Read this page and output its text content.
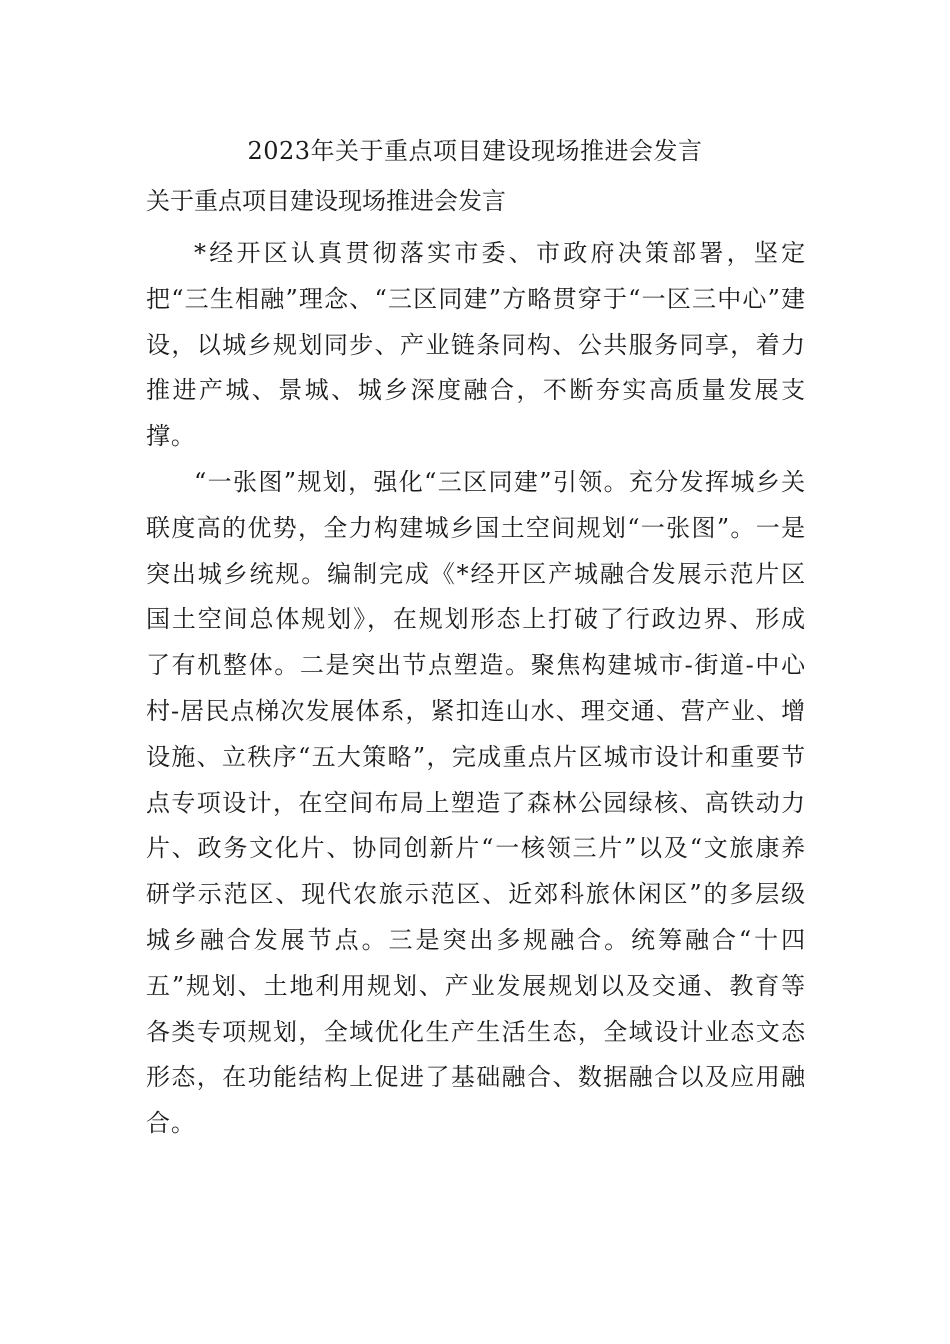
2023年关于重点项目建设现场推进会发言
关于重点项目建设现场推进会发言

*经开区认真贯彻落实市委、市政府决策部署，坚定把“三生相融”理念、“三区同建”方略贯穿于“一区三中心”建设，以城乡规划同步、产业链条同构、公共服务同享，着力推进产城、景城、城乡深度融合，不断夯实高质量发展支撑。

“一张图”规划，强化“三区同建”引领。充分发挥城乡关联度高的优势，全力构建城乡国土空间规划“一张图”。一是突出城乡统规。编制完成《*经开区产城融合发展示范片区国土空间总体规划》，在规划形态上打破了行政边界、形成了有机整体。二是突出节点塑造。聚焦构建城市-街道-中心村-居民点梯次发展体系，紧扣连山水、理交通、营产业、增设施、立秩序“五大策略”，完成重点片区城市设计和重要节点专项设计，在空间布局上塑造了森林公园绿核、高铁动力片、政务文化片、协同创新片“一核领三片”以及“文旅康养研学示范区、现代农旅示范区、近郊科旅休闲区”的多层级城乡融合发展节点。三是突出多规融合。统筹融合“十四五”规划、土地利用规划、产业发展规划以及交通、教育等各类专项规划，全域优化生产生活生态，全域设计业态文态形态，在功能结构上促进了基础融合、数据融合以及应用融合。
